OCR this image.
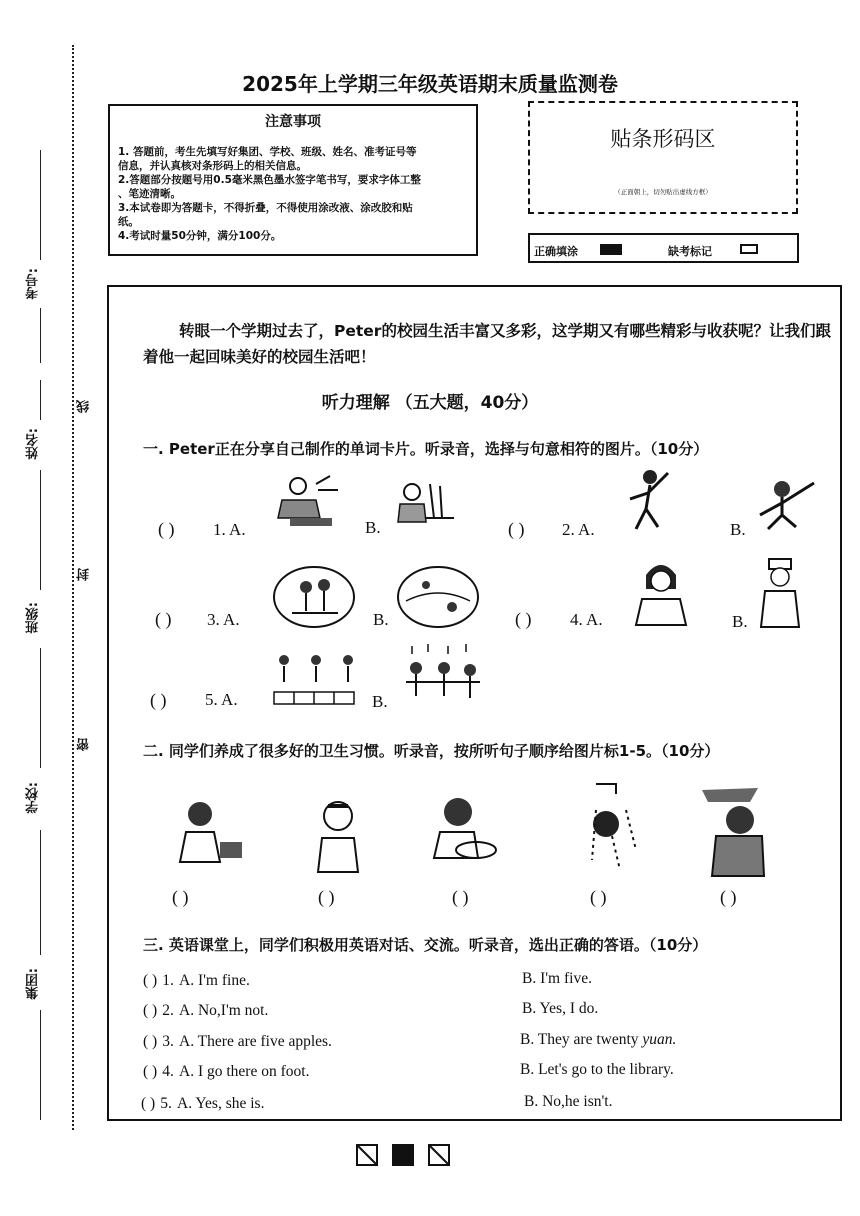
考号:
姓名:
班级:
学校:
集团:
线
封
密
2025年上学期三年级英语期末质量监测卷
注意事项
1. 答题前，考生先填写好集团、学校、班级、姓名、准考证号等
信息，并认真核对条形码上的相关信息。
2.答题部分按题号用0.5毫米黑色墨水签字笔书写，要求字体工整
、笔迹清晰。
3.本试卷即为答题卡，不得折叠，不得使用涂改液、涂改胶和贴
纸。
4.考试时量50分钟，满分100分。
贴条形码区
（正面朝上，切勿贴出虚线方框）
正确填涂	缺考标记
转眼一个学期过去了，Peter的校园生活丰富又多彩，这学期又有哪些精彩与收获呢？让我们跟着他一起回味美好的校园生活吧！
听力理解 （五大题，40分）
一. Peter正在分享自己制作的单词卡片。听录音，选择与句意相符的图片。（10分）
( ) 1. A.	B.	( ) 2. A.	B.
( ) 3. A.	B.	( ) 4. A.	B.
( ) 5. A.	B.
二. 同学们养成了很多好的卫生习惯。听录音，按所听句子顺序给图片标1-5。（10分）
( )	( )	( )	( )	( )
三. 英语课堂上，同学们积极用英语对话、交流。听录音，选出正确的答语。（10分）
( ) 1. A. I'm fine.	B. I'm five.
( ) 2. A. No,I'm not.	B. Yes, I do.
( ) 3. A. There are five apples.	B. They are twenty yuan.
( ) 4. A. I go there on foot.	B. Let's go to the library.
( ) 5. A. Yes, she is.	B. No,he isn't.
